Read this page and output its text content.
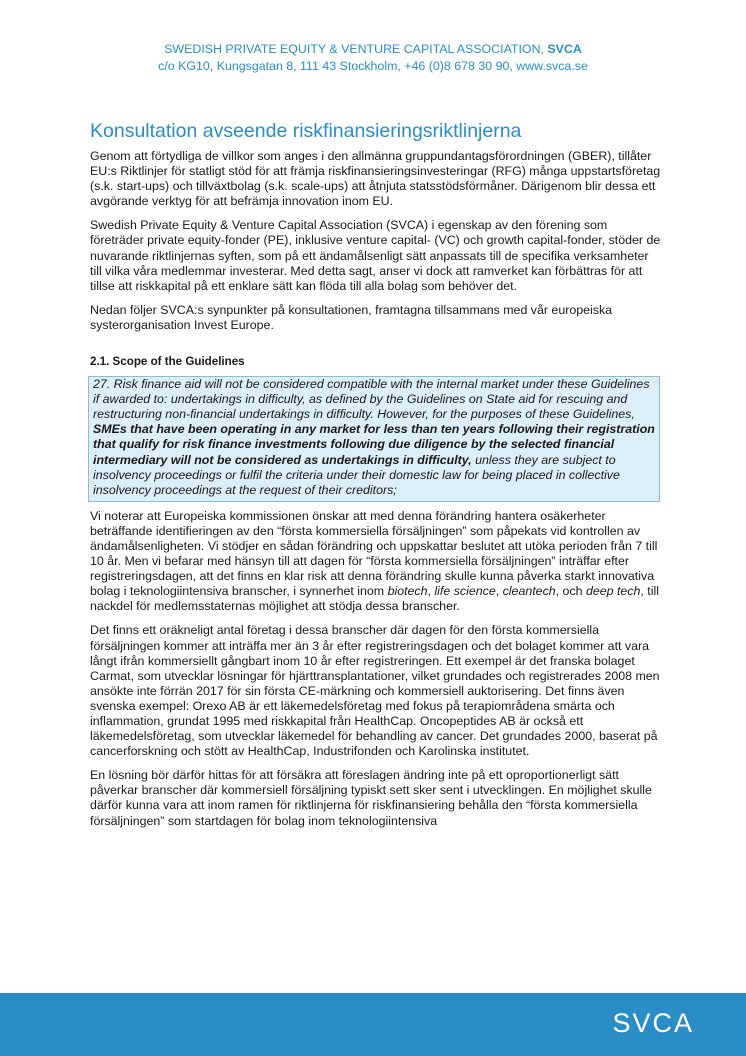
SWEDISH PRIVATE EQUITY & VENTURE CAPITAL ASSOCIATION, SVCA
c/o KG10, Kungsgatan 8, 111 43 Stockholm, +46 (0)8 678 30 90, www.svca.se
Konsultation avseende riskfinansieringsriktlinjerna

Genom att förtydliga de villkor som anges i den allmänna gruppundantagsförordningen (GBER), tillåter EU:s Riktlinjer för statligt stöd för att främja riskfinansieringsinvesteringar (RFG) många uppstartsföretag (s.k. start-ups) och tillväxtbolag (s.k. scale-ups) att åtnjuta statsstödsförmåner. Därigenom blir dessa ett avgörande verktyg för att befrämja innovation inom EU.

Swedish Private Equity & Venture Capital Association (SVCA) i egenskap av den förening som företräder private equity-fonder (PE), inklusive venture capital- (VC) och growth capital-fonder, stöder de nuvarande riktlinjernas syften, som på ett ändamålsenligt sätt anpassats till de specifika verksamheter till vilka våra medlemmar investerar. Med detta sagt, anser vi dock att ramverket kan förbättras för att tillse att riskkapital på ett enklare sätt kan flöda till alla bolag som behöver det.

Nedan följer SVCA:s synpunkter på konsultationen, framtagna tillsammans med vår europeiska systerorganisation Invest Europe.

2.1. Scope of the Guidelines
27. Risk finance aid will not be considered compatible with the internal market under these Guidelines if awarded to: undertakings in difficulty, as defined by the Guidelines on State aid for rescuing and restructuring non-financial undertakings in difficulty. However, for the purposes of these Guidelines, SMEs that have been operating in any market for less than ten years following their registration that qualify for risk finance investments following due diligence by the selected financial intermediary will not be considered as undertakings in difficulty, unless they are subject to insolvency proceedings or fulfil the criteria under their domestic law for being placed in collective insolvency proceedings at the request of their creditors;

Vi noterar att Europeiska kommissionen önskar att med denna förändring hantera osäkerheter beträffande identifieringen av den “första kommersiella försäljningen” som påpekats vid kontrollen av ändamålsenligheten. Vi stödjer en sådan förändring och uppskattar beslutet att utöka perioden från 7 till 10 år. Men vi befarar med hänsyn till att dagen för “första kommersiella försäljningen” inträffar efter registreringsdagen, att det finns en klar risk att denna förändring skulle kunna påverka starkt innovativa bolag i teknologiintensiva branscher, i synnerhet inom biotech, life science, cleantech, och deep tech, till nackdel för medlemsstaternas möjlighet att stödja dessa branscher.

Det finns ett oräkneligt antal företag i dessa branscher där dagen för den första kommersiella försäljningen kommer att inträffa mer än 3 år efter registreringsdagen och det bolaget kommer att vara långt ifrån kommersiellt gångbart inom 10 år efter registreringen. Ett exempel är det franska bolaget Carmat, som utvecklar lösningar för hjärttransplantationer, vilket grundades och registrerades 2008 men ansökte inte förrän 2017 för sin första CE-märkning och kommersiell auktorisering. Det finns även svenska exempel: Orexo AB är ett läkemedelsföretag med fokus på terapiområdena smärta och inflammation, grundat 1995 med riskkapital från HealthCap. Oncopeptides AB är också ett läkemedelsföretag, som utvecklar läkemedel för behandling av cancer. Det grundades 2000, baserat på cancerforskning och stött av HealthCap, Industrifonden och Karolinska institutet.

En lösning bör därför hittas för att försäkra att föreslagen ändring inte på ett oproportionerligt sätt påverkar branscher där kommersiell försäljning typiskt sett sker sent i utvecklingen. En möjlighet skulle därför kunna vara att inom ramen för riktlinjerna för riskfinansiering behålla den “första kommersiella försäljningen” som startdagen för bolag inom teknologiintensiva

SVCA
